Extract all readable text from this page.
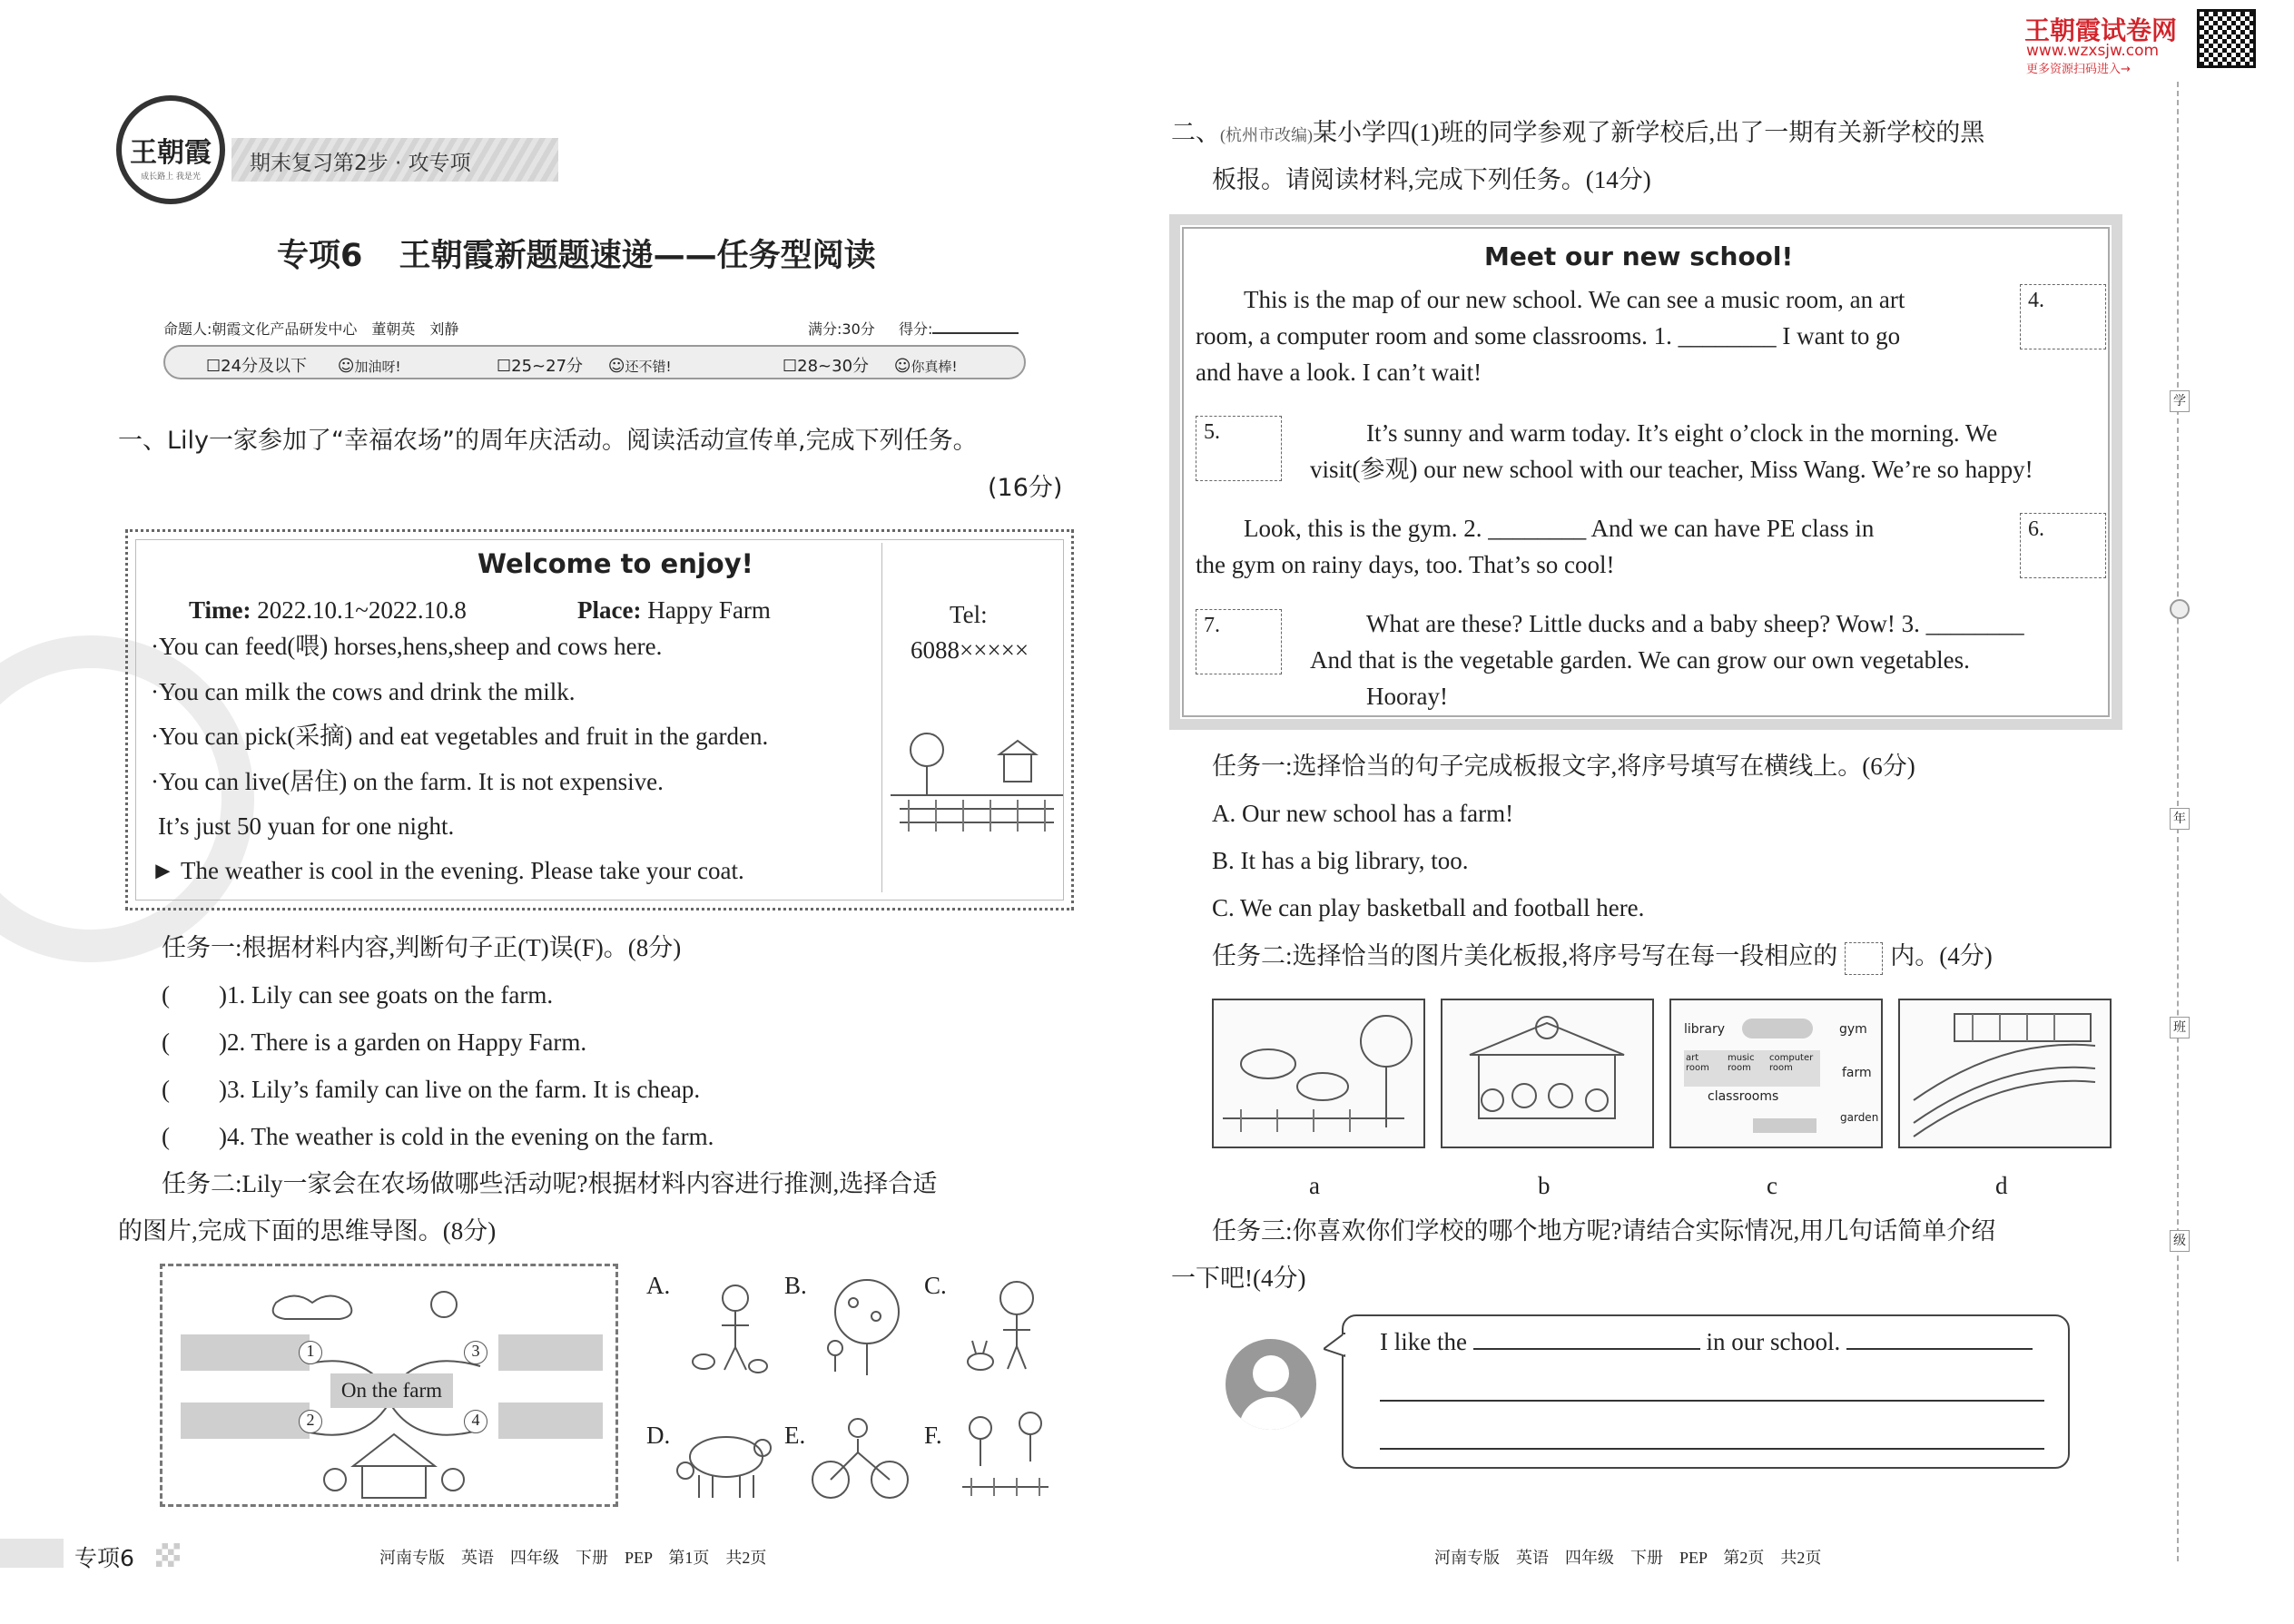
王朝霞
成长路上 我是光
期末复习第2步 · 攻专项
专项6 王朝霞新题题速递——任务型阅读
命题人:朝霞文化产品研发中心　董朝英　刘静	满分:30分 得分:
☐24分及以下 ☺加油呀!	☐25~27分 ☺还不错!	☐28~30分 ☺你真棒!
一、Lily一家参加了“幸福农场”的周年庆活动。阅读活动宣传单,完成下列任务。
(16分)
Welcome to enjoy!
Time: 2022.10.1~2022.10.8	Place: Happy Farm
·You can feed(喂) horses,hens,sheep and cows here.
·You can milk the cows and drink the milk.
·You can pick(采摘) and eat vegetables and fruit in the garden.
·You can live(居住) on the farm. It is not expensive.
It’s just 50 yuan for one night.
► The weather is cool in the evening. Please take your coat.
Tel:
6088×××××
任务一:根据材料内容,判断句子正(T)误(F)。(8分)
(　　)1. Lily can see goats on the farm.
(　　)2. There is a garden on Happy Farm.
(　　)3. Lily’s family can live on the farm. It is cheap.
(　　)4. The weather is cold in the evening on the farm.
任务二:Lily一家会在农场做哪些活动呢?根据材料内容进行推测,选择合适
的图片,完成下面的思维导图。(8分)
1
2
3
4
On the farm
A.	B.	C.
D.	E.	F.
专项6	河南专版　英语　四年级　下册　PEP　第1页　共2页
王朝霞试卷网
www.wzxsjw.com
更多资源扫码进入→
学
年
班
级
二、(杭州市改编)某小学四(1)班的同学参观了新学校后,出了一期有关新学校的黑
板报。请阅读材料,完成下列任务。(14分)
Meet our new school!
This is the map of our new school. We can see a music room, an art
room, a computer room and some classrooms. 1. ________ I want to go
and have a look. I can’t wait!
4.
5.	It’s sunny and warm today. It’s eight o’clock in the morning. We
visit(参观) our new school with our teacher, Miss Wang. We’re so happy!
Look, this is the gym. 2. ________ And we can have PE class in
the gym on rainy days, too. That’s so cool!
6.
7.	What are these? Little ducks and a baby sheep? Wow! 3. ________
And that is the vegetable garden. We can grow our own vegetables.
Hooray!
任务一:选择恰当的句子完成板报文字,将序号填写在横线上。(6分)
A. Our new school has a farm!
B. It has a big library, too.
C. We can play basketball and football here.
任务二:选择恰当的图片美化板报,将序号写在每一段相应的 内。(4分)
library	gym
art room
music room
computer room	farm
classrooms
garden
a	b	c	d
任务三:你喜欢你们学校的哪个地方呢?请结合实际情况,用几句话简单介绍
一下吧!(4分)
I like the	in our school.
河南专版　英语　四年级　下册　PEP　第2页　共2页
